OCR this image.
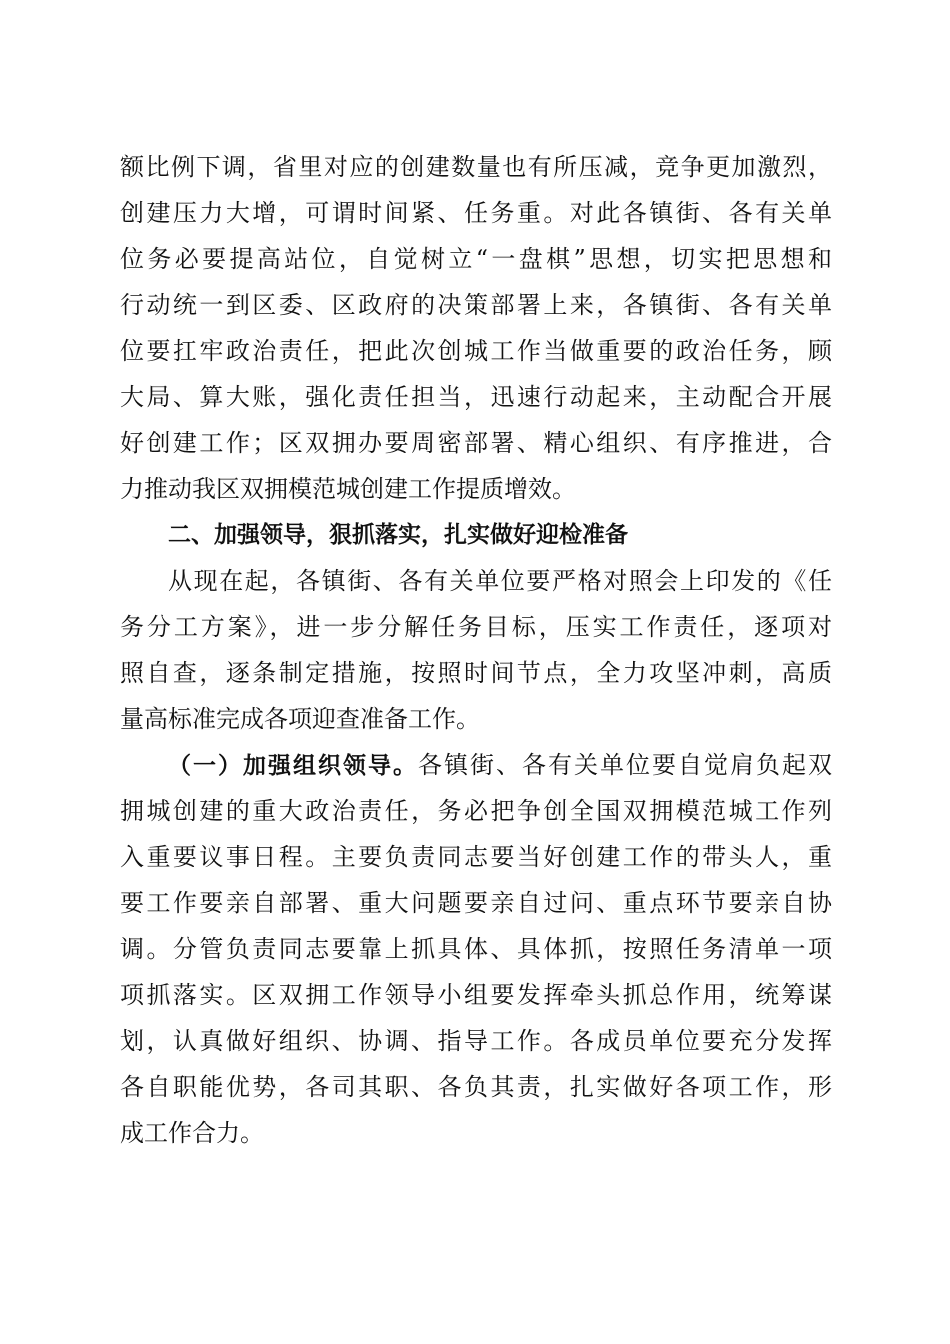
额比例下调，省里对应的创建数量也有所压减，竞争更加激烈，
创建压力大增，可谓时间紧、任务重。对此各镇街、各有关单
位务必要提高站位，自觉树立“一盘棋”思想，切实把思想和
行动统一到区委、区政府的决策部署上来，各镇街、各有关单
位要扛牢政治责任，把此次创城工作当做重要的政治任务，顾
大局、算大账，强化责任担当，迅速行动起来，主动配合开展
好创建工作；区双拥办要周密部署、精心组织、有序推进，合
力推动我区双拥模范城创建工作提质增效。
二、加强领导，狠抓落实，扎实做好迎检准备
从现在起，各镇街、各有关单位要严格对照会上印发的《任
务分工方案》，进一步分解任务目标，压实工作责任，逐项对
照自查，逐条制定措施，按照时间节点，全力攻坚冲刺，高质
量高标准完成各项迎查准备工作。
（一）加强组织领导。各镇街、各有关单位要自觉肩负起双
拥城创建的重大政治责任，务必把争创全国双拥模范城工作列
入重要议事日程。主要负责同志要当好创建工作的带头人，重
要工作要亲自部署、重大问题要亲自过问、重点环节要亲自协
调。分管负责同志要靠上抓具体、具体抓，按照任务清单一项
项抓落实。区双拥工作领导小组要发挥牵头抓总作用，统筹谋
划，认真做好组织、协调、指导工作。各成员单位要充分发挥
各自职能优势，各司其职、各负其责，扎实做好各项工作，形
成工作合力。
